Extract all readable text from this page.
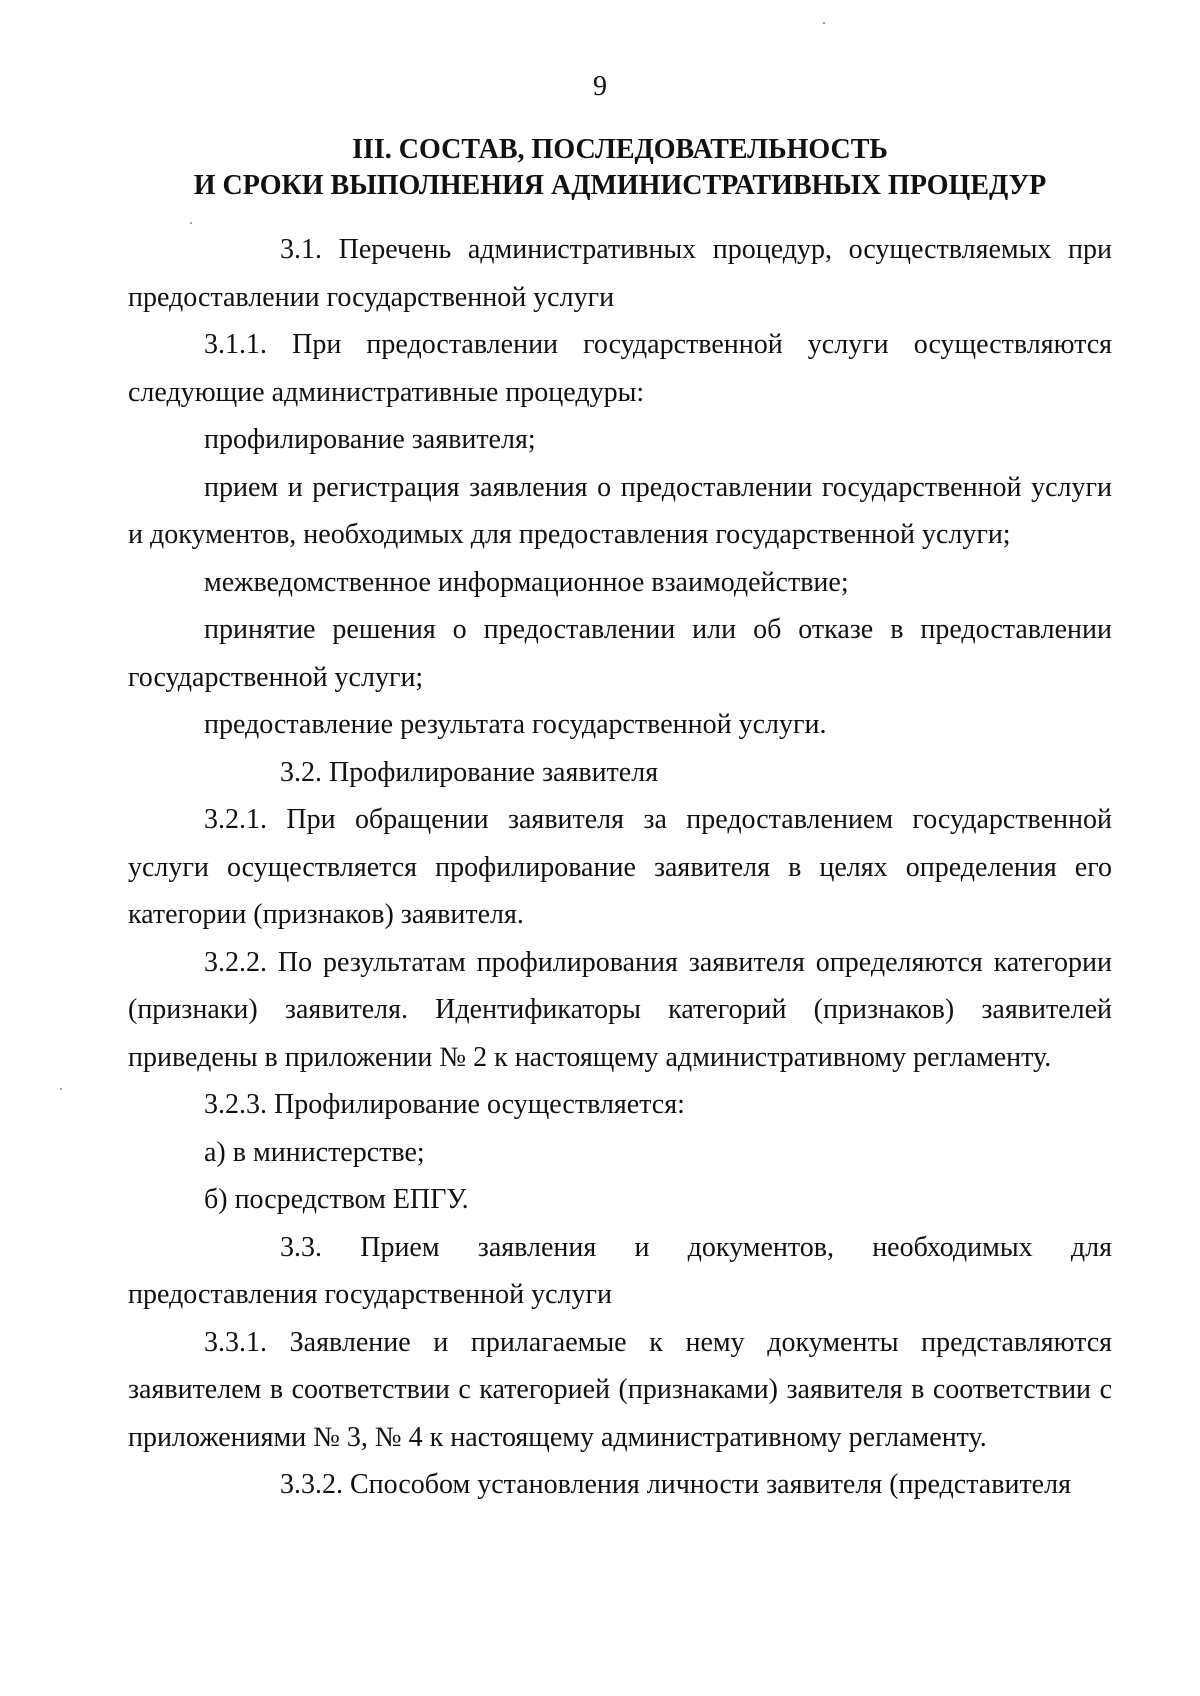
9
III. СОСТАВ, ПОСЛЕДОВАТЕЛЬНОСТЬ
И СРОКИ ВЫПОЛНЕНИЯ АДМИНИСТРАТИВНЫХ ПРОЦЕДУР

3.1. Перечень административных процедур, осуществляемых при предоставлении государственной услуги

3.1.1. При предоставлении государственной услуги осуществляются следующие административные процедуры:

профилирование заявителя;

прием и регистрация заявления о предоставлении государственной услуги и документов, необходимых для предоставления государственной услуги;

межведомственное информационное взаимодействие;

принятие решения о предоставлении или об отказе в предоставлении государственной услуги;

предоставление результата государственной услуги.

3.2. Профилирование заявителя

3.2.1. При обращении заявителя за предоставлением государственной услуги осуществляется профилирование заявителя в целях определения его категории (признаков) заявителя.

3.2.2. По результатам профилирования заявителя определяются категории (признаки) заявителя. Идентификаторы категорий (признаков) заявителей приведены в приложении № 2 к настоящему административному регламенту.

3.2.3. Профилирование осуществляется:

а) в министерстве;

б) посредством ЕПГУ.

3.3. Прием заявления и документов, необходимых для предоставления государственной услуги

3.3.1. Заявление и прилагаемые к нему документы представляются заявителем в соответствии с категорией (признаками) заявителя в соответствии с приложениями № 3, № 4 к настоящему административному регламенту.

3.3.2. Способом установления личности заявителя (представителя
